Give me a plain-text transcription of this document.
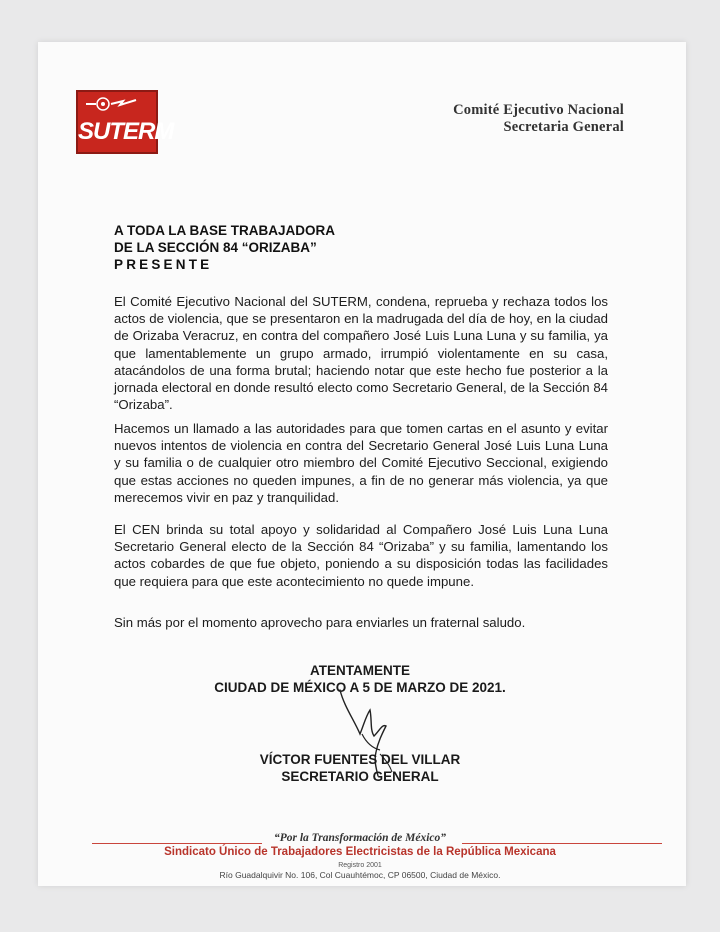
SUTERM
Comité Ejecutivo Nacional
Secretaria General
A TODA LA BASE TRABAJADORA
DE LA SECCIÓN 84 “ORIZABA”
PRESENTE
El Comité Ejecutivo Nacional del SUTERM, condena, reprueba y rechaza todos los actos de violencia, que se presentaron en la madrugada del día de hoy, en la ciudad de Orizaba Veracruz, en contra del compañero José Luis Luna Luna y su familia, ya que lamentablemente un grupo armado, irrumpió violentamente en su casa, atacándolos de una forma brutal; haciendo notar que este hecho fue posterior a la jornada electoral en donde resultó electo como Secretario General, de la Sección 84 “Orizaba”.
Hacemos un llamado a las autoridades para que tomen cartas en el asunto y evitar nuevos intentos de violencia en contra del Secretario General José Luis Luna Luna y su familia o de cualquier otro miembro del Comité Ejecutivo Seccional, exigiendo que estas acciones no queden impunes, a fin de no generar más violencia, ya que merecemos vivir en paz y tranquilidad.
El CEN brinda su total apoyo y solidaridad al Compañero José Luis Luna Luna Secretario General electo de la Sección 84 “Orizaba” y su familia, lamentando los actos cobardes de que fue objeto, poniendo a su disposición todas las facilidades que requiera para que este acontecimiento no quede impune.
Sin más por el momento aprovecho para enviarles un fraternal saludo.
ATENTAMENTE
CIUDAD DE MÉXICO A 5 DE MARZO DE 2021.
VÍCTOR FUENTES DEL VILLAR
SECRETARIO GENERAL
“Por la Transformación de México”
Sindicato Único de Trabajadores Electricistas de la República Mexicana
Registro 2001
Río Guadalquivir No. 106, Col Cuauhtémoc, CP 06500, Ciudad de México.
